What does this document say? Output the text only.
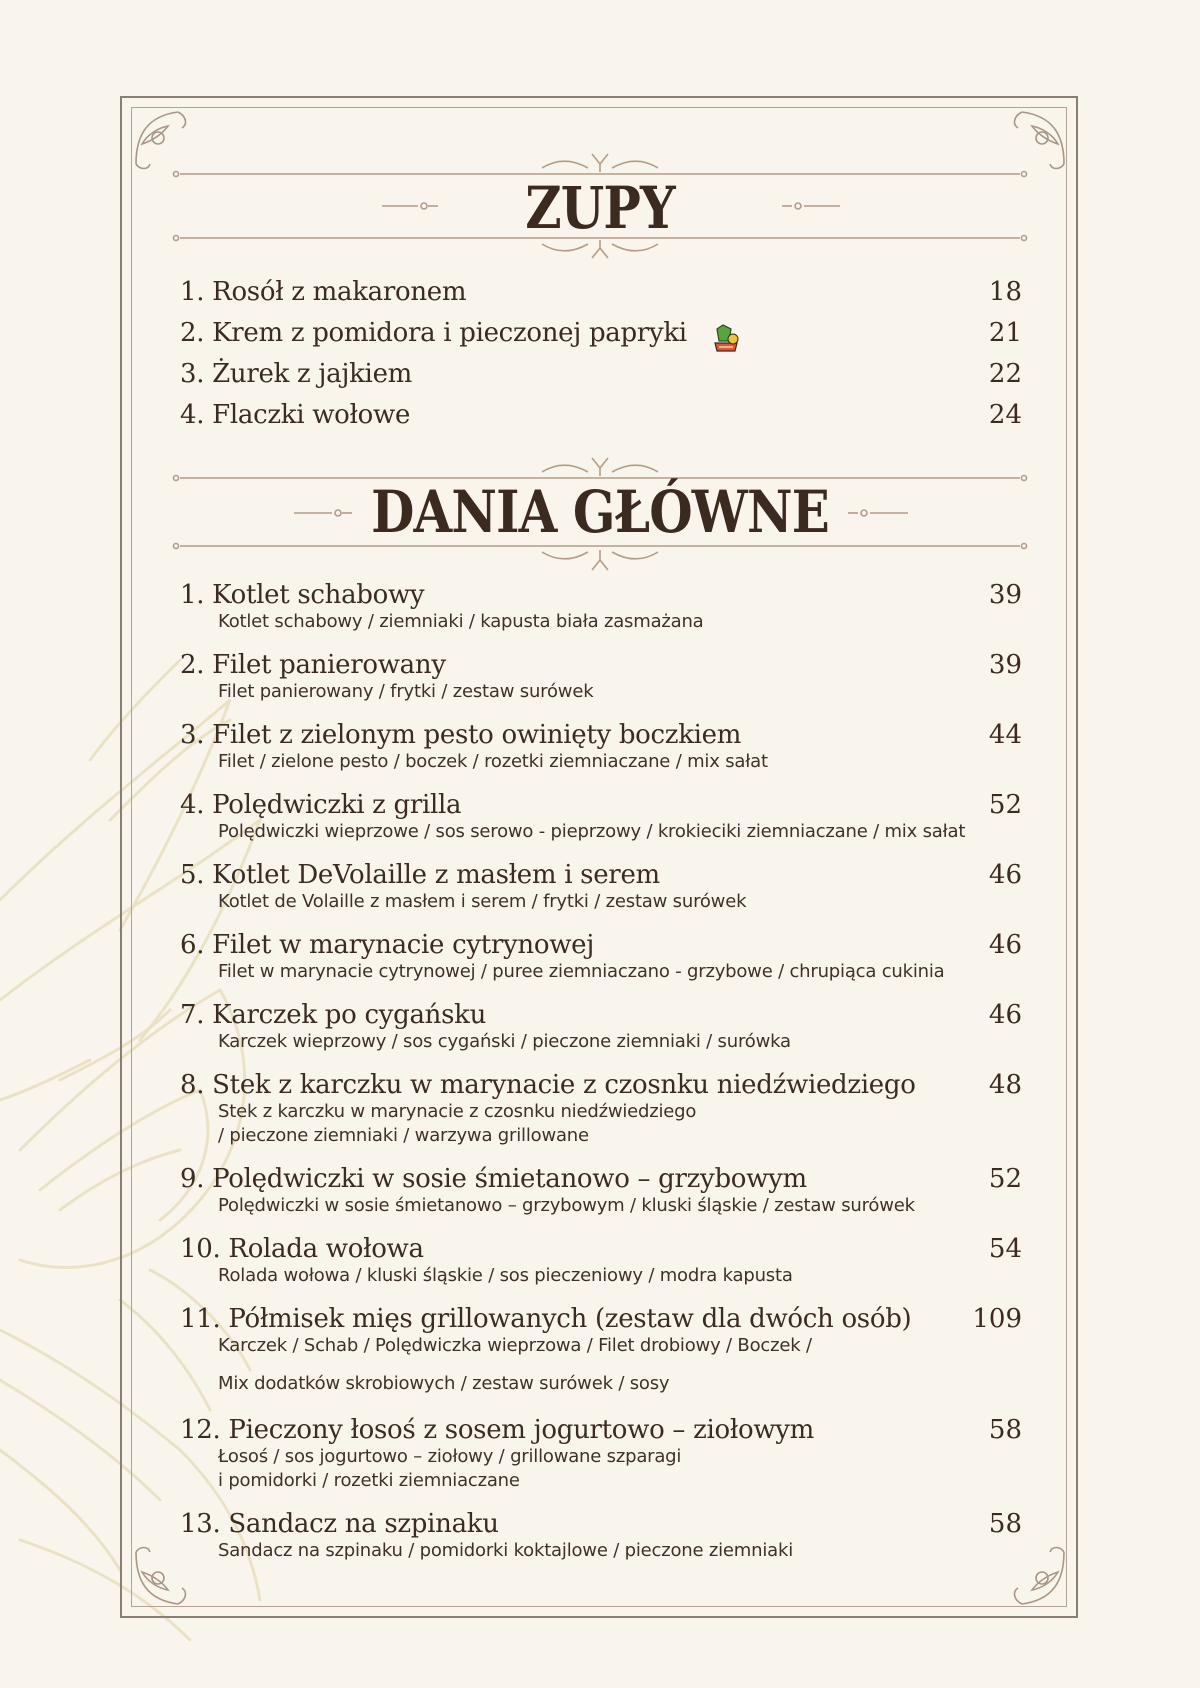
ZUPY
1. Rosół z makaronem	18
2. Krem z pomidora i pieczonej papryki	21
3. Żurek z jajkiem	22
4. Flaczki wołowe	24
DANIA GŁÓWNE
1. Kotlet schabowy	39
Kotlet schabowy / ziemniaki / kapusta biała zasmażana
2. Filet panierowany	39
Filet panierowany / frytki / zestaw surówek
3. Filet z zielonym pesto owinięty boczkiem	44
Filet / zielone pesto / boczek / rozetki ziemniaczane / mix sałat
4. Polędwiczki z grilla	52
Polędwiczki wieprzowe / sos serowo - pieprzowy / krokieciki ziemniaczane / mix sałat
5. Kotlet DeVolaille z masłem i serem	46
Kotlet de Volaille z masłem i serem / frytki / zestaw surówek
6. Filet w marynacie cytrynowej	46
Filet w marynacie cytrynowej / puree ziemniaczano - grzybowe / chrupiąca cukinia
7. Karczek po cygańsku	46
Karczek wieprzowy / sos cygański / pieczone ziemniaki / surówka
8. Stek z karczku w marynacie z czosnku niedźwiedziego	48
Stek z karczku w marynacie z czosnku niedźwiedziego
/ pieczone ziemniaki / warzywa grillowane
9. Polędwiczki w sosie śmietanowo – grzybowym	52
Polędwiczki w sosie śmietanowo – grzybowym / kluski śląskie / zestaw surówek
10. Rolada wołowa	54
Rolada wołowa / kluski śląskie / sos pieczeniowy / modra kapusta
11. Półmisek mięs grillowanych (zestaw dla dwóch osób) 109
Karczek / Schab / Polędwiczka wieprzowa / Filet drobiowy / Boczek /
Mix dodatków skrobiowych / zestaw surówek / sosy
12. Pieczony łosoś z sosem jogurtowo – ziołowym	58
Łosoś / sos jogurtowo – ziołowy / grillowane szparagi
i pomidorki / rozetki ziemniaczane
13. Sandacz na szpinaku	58
Sandacz na szpinaku / pomidorki koktajlowe / pieczone ziemniaki
